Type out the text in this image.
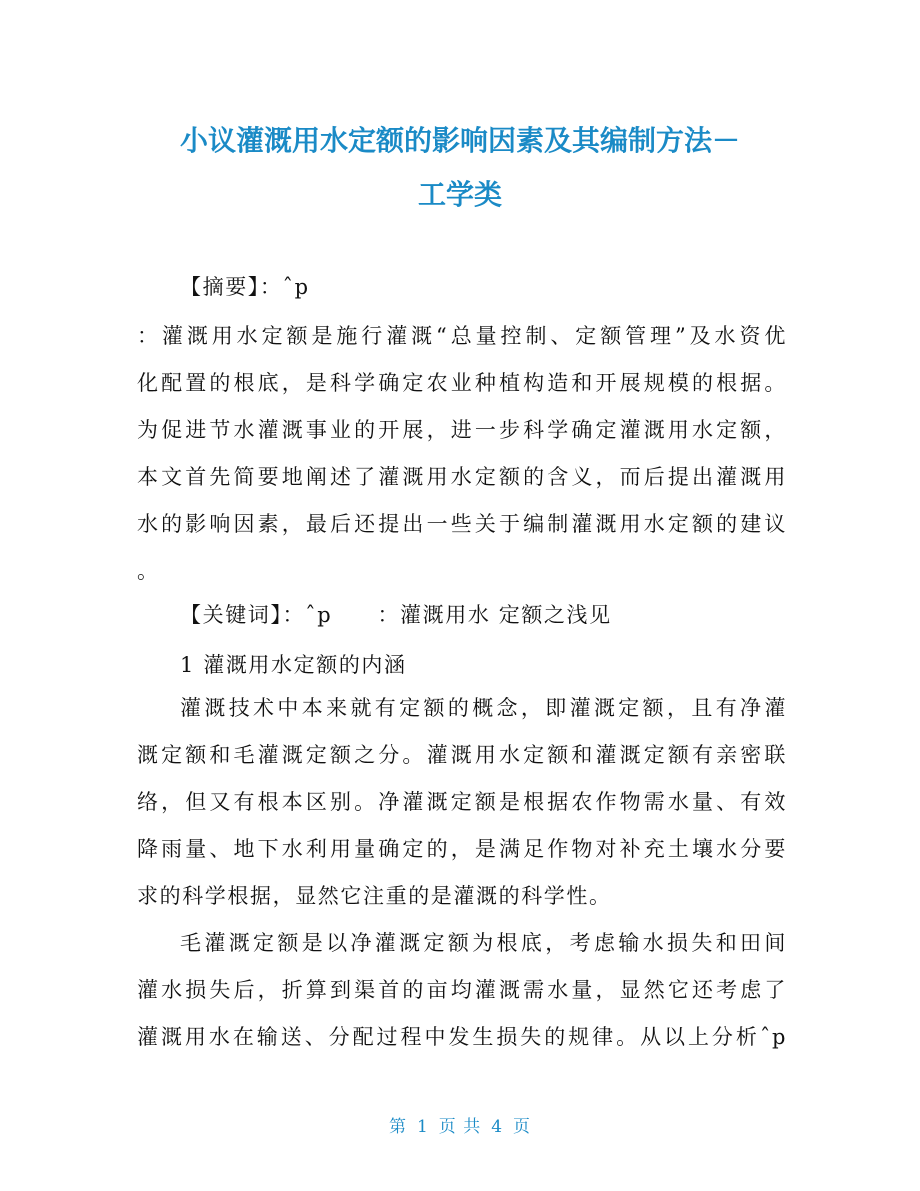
小议灌溉用水定额的影响因素及其编制方法－
工学类
【摘要】：ˆp
：灌溉用水定额是施行灌溉“总量控制、定额管理”及水资优
化配置的根底，是科学确定农业种植构造和开展规模的根据。
为促进节水灌溉事业的开展，进一步科学确定灌溉用水定额，
本文首先简要地阐述了灌溉用水定额的含义，而后提出灌溉用
水的影响因素，最后还提出一些关于编制灌溉用水定额的建议
。
【关键词】：ˆp　　：灌溉用水 定额之浅见
1 灌溉用水定额的内涵
灌溉技术中本来就有定额的概念，即灌溉定额，且有净灌
溉定额和毛灌溉定额之分。灌溉用水定额和灌溉定额有亲密联
络，但又有根本区别。净灌溉定额是根据农作物需水量、有效
降雨量、地下水利用量确定的，是满足作物对补充土壤水分要
求的科学根据，显然它注重的是灌溉的科学性。
毛灌溉定额是以净灌溉定额为根底，考虑输水损失和田间
灌水损失后，折算到渠首的亩均灌溉需水量，显然它还考虑了
灌溉用水在输送、分配过程中发生损失的规律。从以上分析ˆp
第 1 页 共 4 页
